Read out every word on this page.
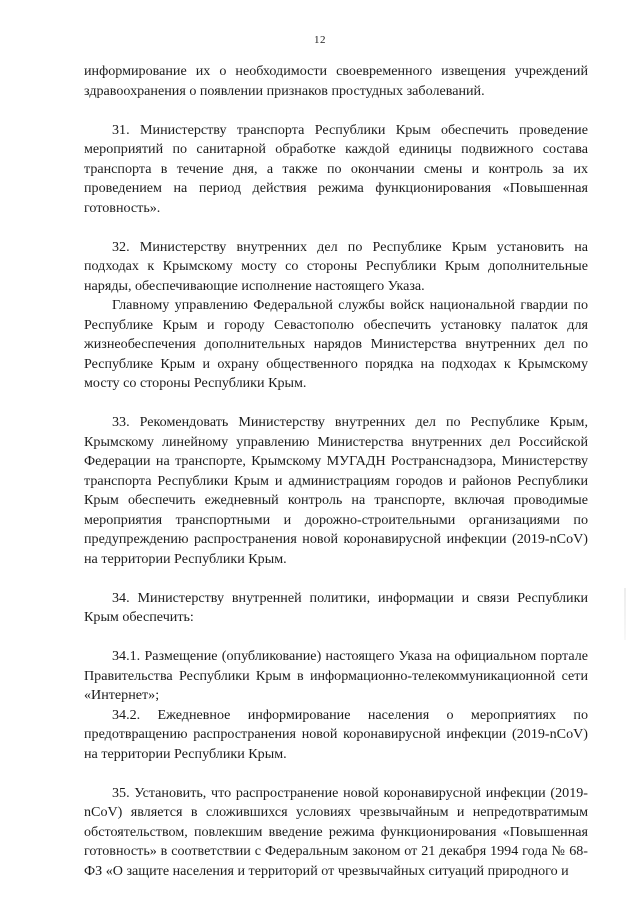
12

информирование их о необходимости своевременного извещения учреждений здравоохранения о появлении признаков простудных заболеваний.

31. Министерству транспорта Республики Крым обеспечить проведение мероприятий по санитарной обработке каждой единицы подвижного состава транспорта в течение дня, а также по окончании смены и контроль за их проведением на период действия режима функционирования «Повышенная готовность».

32. Министерству внутренних дел по Республике Крым установить на подходах к Крымскому мосту со стороны Республики Крым дополнительные наряды, обеспечивающие исполнение настоящего Указа.

Главному управлению Федеральной службы войск национальной гвардии по Республике Крым и городу Севастополю обеспечить установку палаток для жизнеобеспечения дополнительных нарядов Министерства внутренних дел по Республике Крым и охрану общественного порядка на подходах к Крымскому мосту со стороны Республики Крым.

33. Рекомендовать Министерству внутренних дел по Республике Крым, Крымскому линейному управлению Министерства внутренних дел Российской Федерации на транспорте, Крымскому МУГАДН Ространснадзора, Министерству транспорта Республики Крым и администрациям городов и районов Республики Крым обеспечить ежедневный контроль на транспорте, включая проводимые мероприятия транспортными и дорожно-строительными организациями по предупреждению распространения новой коронавирусной инфекции (2019-nCoV) на территории Республики Крым.

34. Министерству внутренней политики, информации и связи Республики Крым обеспечить:

34.1. Размещение (опубликование) настоящего Указа на официальном портале Правительства Республики Крым в информационно-телекоммуникационной сети «Интернет»;

34.2. Ежедневное информирование населения о мероприятиях по предотвращению распространения новой коронавирусной инфекции (2019-nCoV) на территории Республики Крым.

35. Установить, что распространение новой коронавирусной инфекции (2019-nCoV) является в сложившихся условиях чрезвычайным и непредотвратимым обстоятельством, повлекшим введение режима функционирования «Повышенная готовность» в соответствии с Федеральным законом от 21 декабря 1994 года № 68-ФЗ «О защите населения и территорий от чрезвычайных ситуаций природного и
